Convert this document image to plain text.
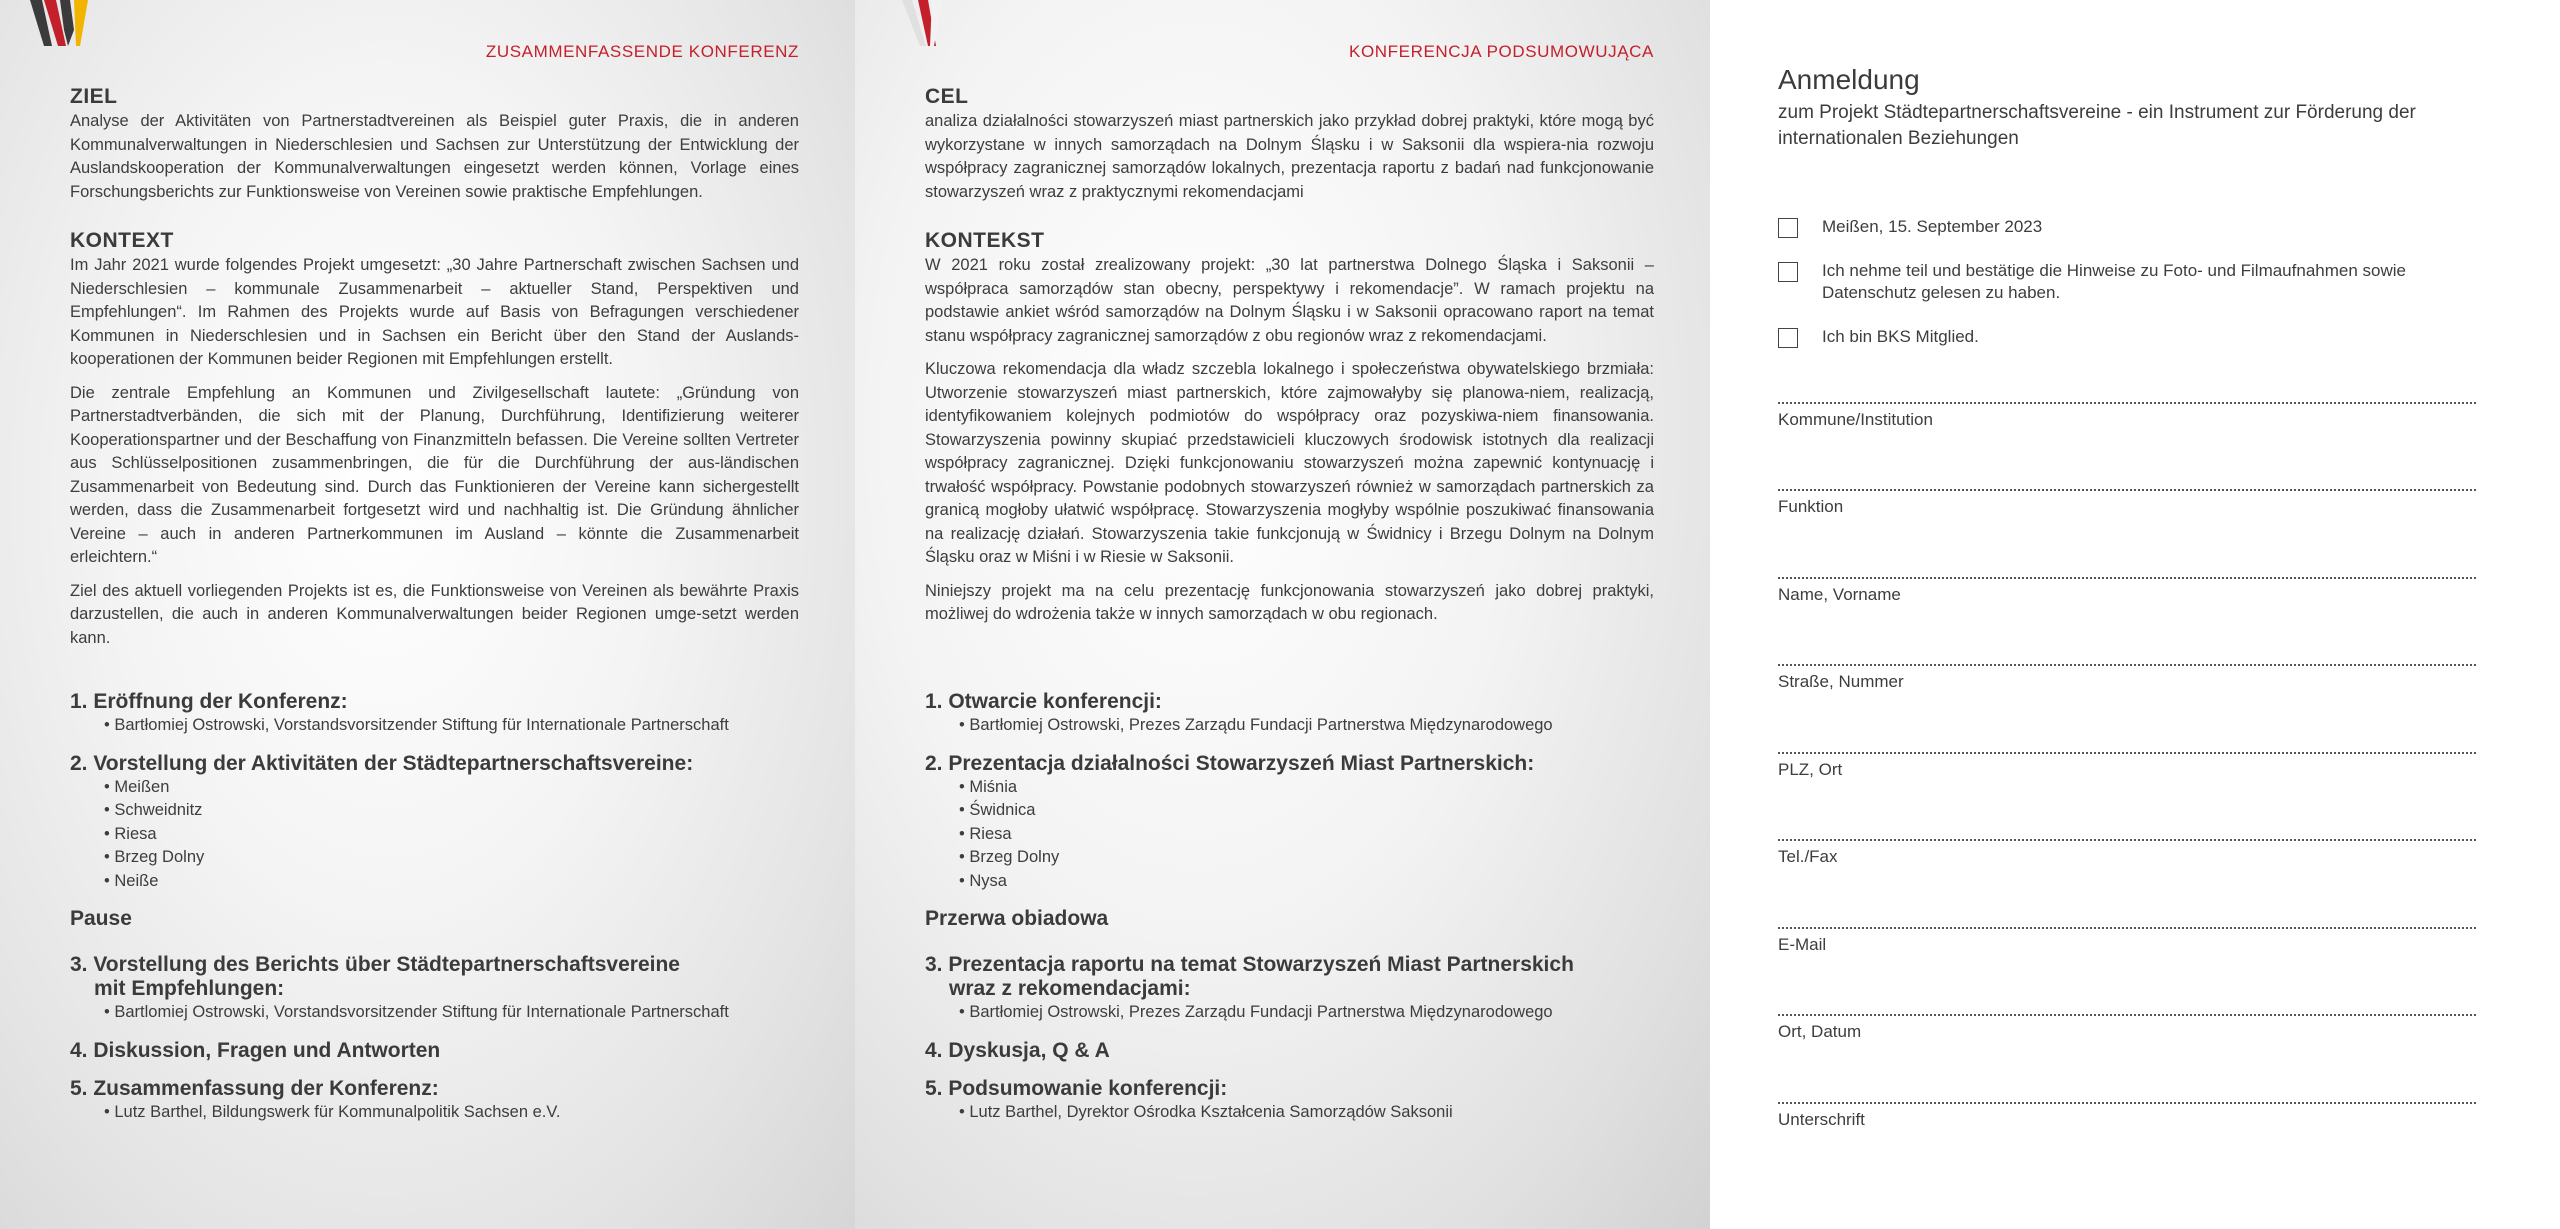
ZUSAMMENFASSENDE KONFERENZ
ZIEL

Analyse der Aktivitäten von Partnerstadtvereinen als Beispiel guter Praxis, die in anderen Kommunalverwaltungen in Niederschlesien und Sachsen zur Unterstützung der Entwicklung der Auslandskooperation der Kommunalverwaltungen eingesetzt werden können, Vorlage eines Forschungsberichts zur Funktionsweise von Vereinen sowie praktische Empfehlungen.

KONTEXT

Im Jahr 2021 wurde folgendes Projekt umgesetzt: „30 Jahre Partnerschaft zwischen Sachsen und Niederschlesien – kommunale Zusammenarbeit – aktueller Stand, Perspektiven und Empfehlungen“. Im Rahmen des Projekts wurde auf Basis von Befragungen verschiedener Kommunen in Niederschlesien und in Sachsen ein Bericht über den Stand der Auslands-kooperationen der Kommunen beider Regionen mit Empfehlungen erstellt.

Die zentrale Empfehlung an Kommunen und Zivilgesellschaft lautete: „Gründung von Partnerstadtverbänden, die sich mit der Planung, Durchführung, Identifizierung weiterer Kooperationspartner und der Beschaffung von Finanzmitteln befassen. Die Vereine sollten Vertreter aus Schlüsselpositionen zusammenbringen, die für die Durchführung der aus-ländischen Zusammenarbeit von Bedeutung sind. Durch das Funktionieren der Vereine kann sichergestellt werden, dass die Zusammenarbeit fortgesetzt wird und nachhaltig ist. Die Gründung ähnlicher Vereine – auch in anderen Partnerkommunen im Ausland – könnte die Zusammenarbeit erleichtern.“

Ziel des aktuell vorliegenden Projekts ist es, die Funktionsweise von Vereinen als bewährte Praxis darzustellen, die auch in anderen Kommunalverwaltungen beider Regionen umge-setzt werden kann.

1. Eröffnung der Konferenz:

• Bartłomiej Ostrowski, Vorstandsvorsitzender Stiftung für Internationale Partnerschaft

2. Vorstellung der Aktivitäten der Städtepartnerschaftsvereine:

• Meißen

• Schweidnitz

• Riesa

• Brzeg Dolny

• Neiße

Pause

3. Vorstellung des Berichts über Städtepartnerschaftsvereine

mit Empfehlungen:

• Bartlomiej Ostrowski, Vorstandsvorsitzender Stiftung für Internationale Partnerschaft

4. Diskussion, Fragen und Antworten

5. Zusammenfassung der Konferenz:

• Lutz Barthel, Bildungswerk für Kommunalpolitik Sachsen e.V.

KONFERENCJA PODSUMOWUJĄCA
CEL

analiza działalności stowarzyszeń miast partnerskich jako przykład dobrej praktyki, które mogą być wykorzystane w innych samorządach na Dolnym Śląsku i w Saksonii dla wspiera-nia rozwoju współpracy zagranicznej samorządów lokalnych, prezentacja raportu z badań nad funkcjonowanie stowarzyszeń wraz z praktycznymi rekomendacjami

KONTEKST

W 2021 roku został zrealizowany projekt: „30 lat partnerstwa Dolnego Śląska i Saksonii – współpraca samorządów stan obecny, perspektywy i rekomendacje”. W ramach projektu na podstawie ankiet wśród samorządów na Dolnym Śląsku i w Saksonii opracowano raport na temat stanu współpracy zagranicznej samorządów z obu regionów wraz z rekomendacjami.

Kluczowa rekomendacja dla władz szczebla lokalnego i społeczeństwa obywatelskiego brzmiała: Utworzenie stowarzyszeń miast partnerskich, które zajmowałyby się planowa-niem, realizacją, identyfikowaniem kolejnych podmiotów do współpracy oraz pozyskiwa-niem finansowania. Stowarzyszenia powinny skupiać przedstawicieli kluczowych środowisk istotnych dla realizacji współpracy zagranicznej. Dzięki funkcjonowaniu stowarzyszeń można zapewnić kontynuację i trwałość współpracy. Powstanie podobnych stowarzyszeń również w samorządach partnerskich za granicą mogłoby ułatwić współpracę. Stowarzyszenia mogłyby wspólnie poszukiwać finansowania na realizację działań. Stowarzyszenia takie funkcjonują w Świdnicy i Brzegu Dolnym na Dolnym Śląsku oraz w Miśni i w Riesie w Saksonii.

Niniejszy projekt ma na celu prezentację funkcjonowania stowarzyszeń jako dobrej praktyki, możliwej do wdrożenia także w innych samorządach w obu regionach.

1. Otwarcie konferencji:

• Bartłomiej Ostrowski, Prezes Zarządu Fundacji Partnerstwa Międzynarodowego

2. Prezentacja działalności Stowarzyszeń Miast Partnerskich:

• Miśnia

• Świdnica

• Riesa

• Brzeg Dolny

• Nysa

Przerwa obiadowa

3. Prezentacja raportu na temat Stowarzyszeń Miast Partnerskich

wraz z rekomendacjami:

• Bartłomiej Ostrowski, Prezes Zarządu Fundacji Partnerstwa Międzynarodowego

4. Dyskusja, Q & A

5. Podsumowanie konferencji:

• Lutz Barthel, Dyrektor Ośrodka Kształcenia Samorządów Saksonii

Anmeldung

zum Projekt Städtepartnerschaftsvereine - ein Instrument zur Förderung der internationalen Beziehungen

Meißen, 15. September 2023
Ich nehme teil und bestätige die Hinweise zu Foto- und Filmaufnahmen sowie Datenschutz gelesen zu haben.
Ich bin BKS Mitglied.
Kommune/Institution
Funktion
Name, Vorname
Straße, Nummer
PLZ, Ort
Tel./Fax
E-Mail
Ort, Datum
Unterschrift
